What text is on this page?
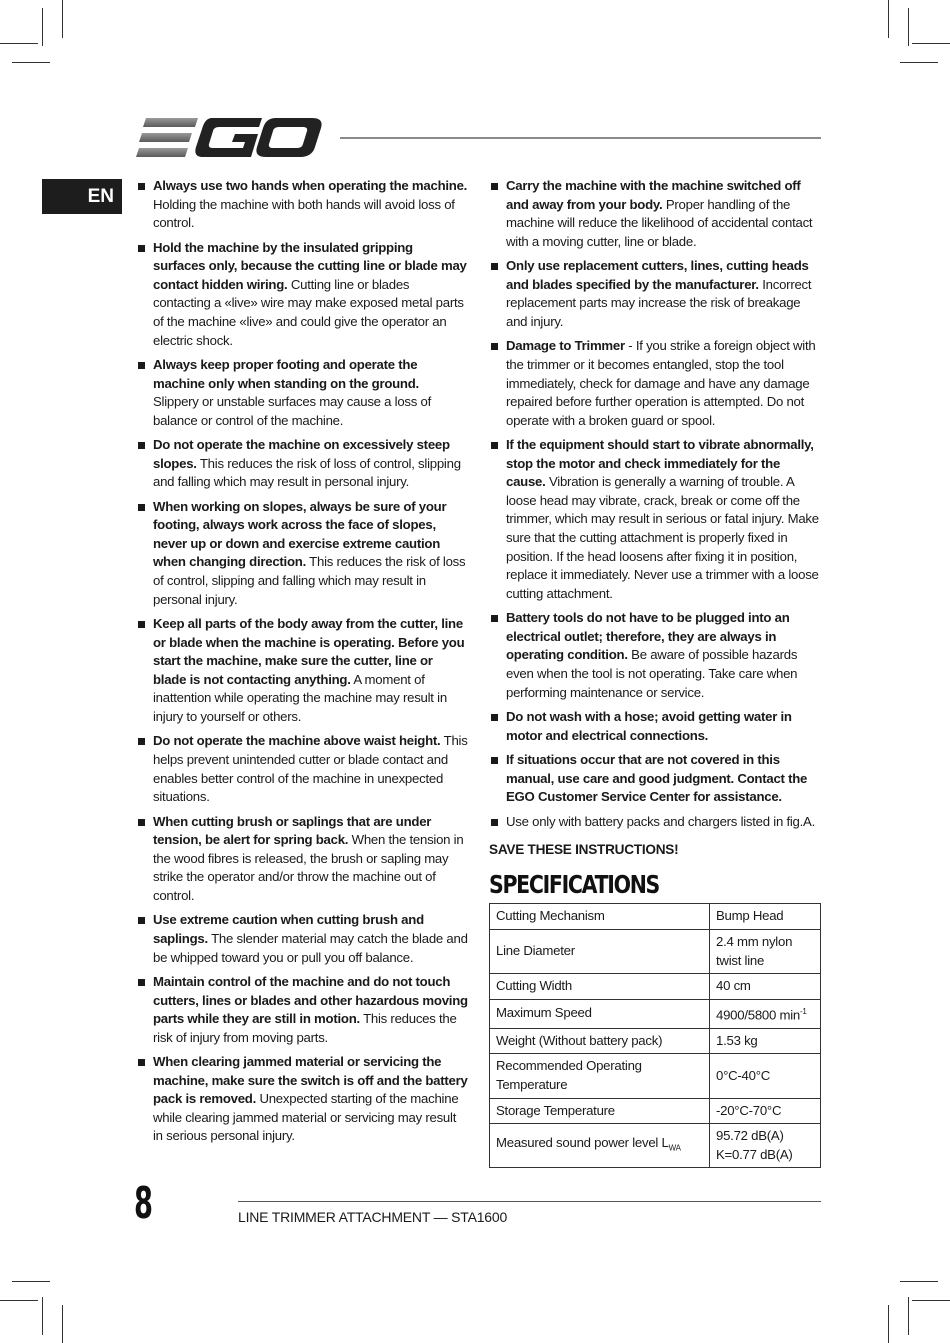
EN	Always use two hands when operating the machine. Holding the machine with both hands will avoid loss of control.
Hold the machine by the insulated gripping surfaces only, because the cutting line or blade may contact hidden wiring. Cutting line or blades contacting a «live» wire may make exposed metal parts of the machine «live» and could give the operator an electric shock.
Always keep proper footing and operate the machine only when standing on the ground. Slippery or unstable surfaces may cause a loss of balance or control of the machine.
Do not operate the machine on excessively steep slopes. This reduces the risk of loss of control, slipping and falling which may result in personal injury.
When working on slopes, always be sure of your footing, always work across the face of slopes, never up or down and exercise extreme caution when changing direction. This reduces the risk of loss of control, slipping and falling which may result in personal injury.
Keep all parts of the body away from the cutter, line or blade when the machine is operating. Before you start the machine, make sure the cutter, line or blade is not contacting anything. A moment of inattention while operating the machine may result in injury to yourself or others.
Do not operate the machine above waist height. This helps prevent unintended cutter or blade contact and enables better control of the machine in unexpected situations.
When cutting brush or saplings that are under tension, be alert for spring back. When the tension in the wood fibres is released, the brush or sapling may strike the operator and/or throw the machine out of control.
Use extreme caution when cutting brush and saplings. The slender material may catch the blade and be whipped toward you or pull you off balance.
Maintain control of the machine and do not touch cutters, lines or blades and other hazardous moving parts while they are still in motion. This reduces the risk of injury from moving parts.
When clearing jammed material or servicing the machine, make sure the switch is off and the battery pack is removed. Unexpected starting of the machine while clearing jammed material or servicing may result in serious personal injury.
Carry the machine with the machine switched off and away from your body. Proper handling of the machine will reduce the likelihood of accidental contact with a moving cutter, line or blade.
Only use replacement cutters, lines, cutting heads and blades specified by the manufacturer. Incorrect replacement parts may increase the risk of breakage and injury.
Damage to Trimmer - If you strike a foreign object with the trimmer or it becomes entangled, stop the tool immediately, check for damage and have any damage repaired before further operation is attempted. Do not operate with a broken guard or spool.
If the equipment should start to vibrate abnormally, stop the motor and check immediately for the cause. Vibration is generally a warning of trouble. A loose head may vibrate, crack, break or come off the trimmer, which may result in serious or fatal injury. Make sure that the cutting attachment is properly fixed in position. If the head loosens after fixing it in position, replace it immediately. Never use a trimmer with a loose cutting attachment.
Battery tools do not have to be plugged into an electrical outlet; therefore, they are always in operating condition. Be aware of possible hazards even when the tool is not operating. Take care when performing maintenance or service.
Do not wash with a hose; avoid getting water in motor and electrical connections.
If situations occur that are not covered in this manual, use care and good judgment. Contact the EGO Customer Service Center for assistance.
Use only with battery packs and chargers listed in fig.A.
SAVE THESE INSTRUCTIONS!
SPECIFICATIONS
Cutting Mechanism	Bump Head
Line Diameter	2.4 mm nylon twist line
Cutting Width	40 cm
Maximum Speed	4900/5800 $\min^{-1}$
Weight (Without battery pack)	1.53 kg
Recommended Operating Temperature	0°C-40°C
Storage Temperature	-20°C-70°C
Measured sound power level $L_{WA}$	95.72 dB(A)
K=0.77 dB(A)
8	LINE TRIMMER ATTACHMENT — STA1600
